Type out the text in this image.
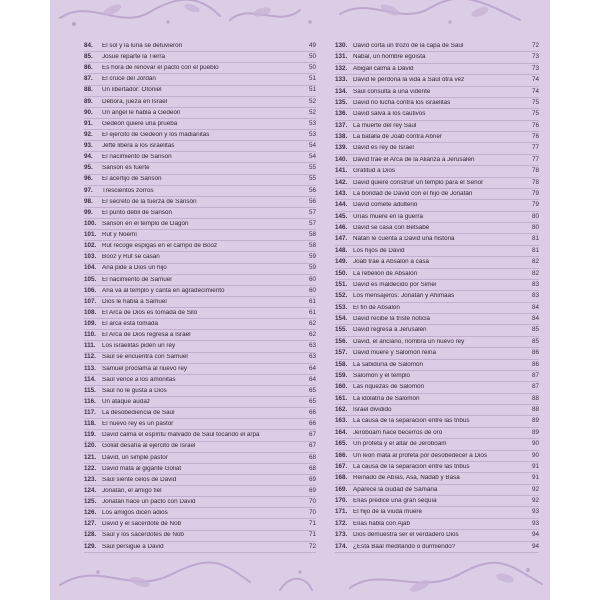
84.	El sol y la luna se detuvieron	49
85.	Josué reparte la Tierra	50
86.	Es hora de renovar el pacto con el pueblo	50
87.	El cruce del Jordán	51
88.	Un libertador: Otoniel	51
89.	Débora, jueza en Israel	52
90.	Un ángel le habla a Gedeón	52
91.	Gedeón quiere una prueba	53
92.	El ejército de Gedeón y los madianitas	53
93.	Jefté libera a los israelitas	54
94.	El nacimiento de Sansón	54
95.	Sansón es fuerte	55
96.	El acertijo de Sansón	55
97.	Trescientos zorros	56
98.	El secreto de la fuerza de Sansón	56
99.	El punto débil de Sansón	57
100. Sansón en el templo de Dagón	57
101. Rut y Noemí	58
102. Rut recoge espigas en el campo de Booz	58
103. Booz y Rut se casan	59
104. Ana pide a Dios un hijo	59
105. El nacimiento de Samuel	60
106. Ana va al templo y canta en agradecimiento	60
107. Dios le habla a Samuel	61
108. El Arca de Dios es tomada de Silo	61
109. El arca está tomada	62
110. El Arca de Dios regresa a Israel	62
111.	Los israelitas piden un rey	63
112. Saúl se encuentra con Samuel	63
113. Samuel proclama al nuevo rey	64
114. Saúl vence a los amonitas	64
115. Saúl no le gusta a Dios	65
116. Un ataque audaz	65
117. La desobediencia de Saúl	66
118. El nuevo rey es un pastor	66
119. David calma el espíritu malvado de Saúl tocando el arpa	67
120. Goliat desafía al ejército de Israel	67
121. David, un simple pastor	68
122. David mata al gigante Goliat	68
123. Saúl siente celos de David	69
124. Jonatán, el amigo fiel	69
125. Jonatán hace un pacto con David	70
126. Los amigos dicen adiós	70
127. David y el sacerdote de Nob	71
128. Saúl y los sacerdotes de Nob	71
129. Saúl persigue a David	72
130. David corta un trozo de la capa de Saúl	72
131. Nabal, un hombre egoísta	73
132. Abigail calma a David	73
133. David le perdona la vida a Saúl otra vez	74
134. Saúl consulta a una vidente	74
135. David no lucha contra los israelitas	75
136. David salva a los cautivos	75
137. La muerte del rey Saúl	76
138. La batalla de Joab contra Abner	76
139. David es rey de Israel	77
140. David trae el Arca de la Alianza a Jerusalén	77
141. Gratitud a Dios	78
142. David quiere construir un templo para el Señor	78
143. La bondad de David con el hijo de Jonatán	79
144. David comete adulterio	79
145. Urías muere en la guerra	80
146. David se casa con Betsabé	80
147. Natán le cuenta a David una historia	81
148. Los hijos de David	81
149. Joab trae a Absalón a casa	82
150. La rebelión de Absalón	82
151. David es maldecido por Simei	83
152. Los mensajeros: Jonatán y Ahimaas	83
153. El fin de Absalón	84
154. David recibe la triste noticia	84
155. David regresa a Jerusalén	85
156. David, el anciano, nombra un nuevo rey	85
157. David muere y Salomón reina	86
158. La sabiduría de Salomón	86
159. Salomón y el templo	87
160. Las riquezas de Salomón	87
161. La idolatría de Salomón	88
162. Israel dividido	88
163. La causa de la separación entre las tribus	89
164. Jeroboam hace becerros de oro	89
165. Un profeta y el altar de Jeroboam	90
166. Un león mata al profeta por desobedecer a Dios	90
167. La causa de la separación entre las tribus	91
168. Reinado de Abías, Asa, Nadab y Basá	91
169. Aparece la ciudad de Samaria	92
170. Elías predice una gran sequía	92
171. El hijo de la viuda muere	93
172. Elías habla con Ajab	93
173. Dios demuestra ser el verdadero Dios	94
174. ¿Está Baal meditando o durmiendo?	94
